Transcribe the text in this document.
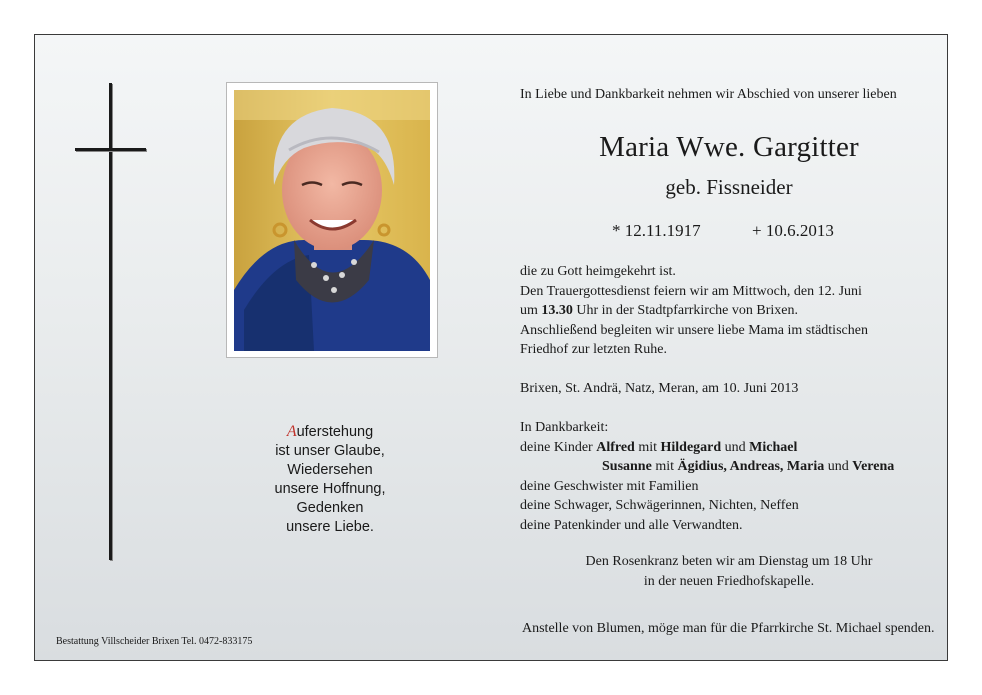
Auferstehung
ist unser Glaube,
Wiedersehen
unsere Hoffnung,
Gedenken
unsere Liebe.
In Liebe und Dankbarkeit nehmen wir Abschied von unserer lieben
Maria Wwe. Gargitter
geb. Fissneider
* 12.11.1917	+ 10.6.2013
die zu Gott heimgekehrt ist.
Den Trauergottesdienst feiern wir am Mittwoch, den 12. Juni
um 13.30 Uhr in der Stadtpfarrkirche von Brixen.
Anschließend begleiten wir unsere liebe Mama im städtischen
Friedhof zur letzten Ruhe.
Brixen, St. Andrä, Natz, Meran, am 10. Juni 2013
In Dankbarkeit:
deine Kinder Alfred mit Hildegard und Michael
Susanne mit Ägidius, Andreas, Maria und Verena
deine Geschwister mit Familien
deine Schwager, Schwägerinnen, Nichten, Neffen
deine Patenkinder und alle Verwandten.
Den Rosenkranz beten wir am Dienstag um 18 Uhr
in der neuen Friedhofskapelle.
Anstelle von Blumen, möge man für die Pfarrkirche St. Michael spenden.
Bestattung Villscheider Brixen Tel. 0472-833175
